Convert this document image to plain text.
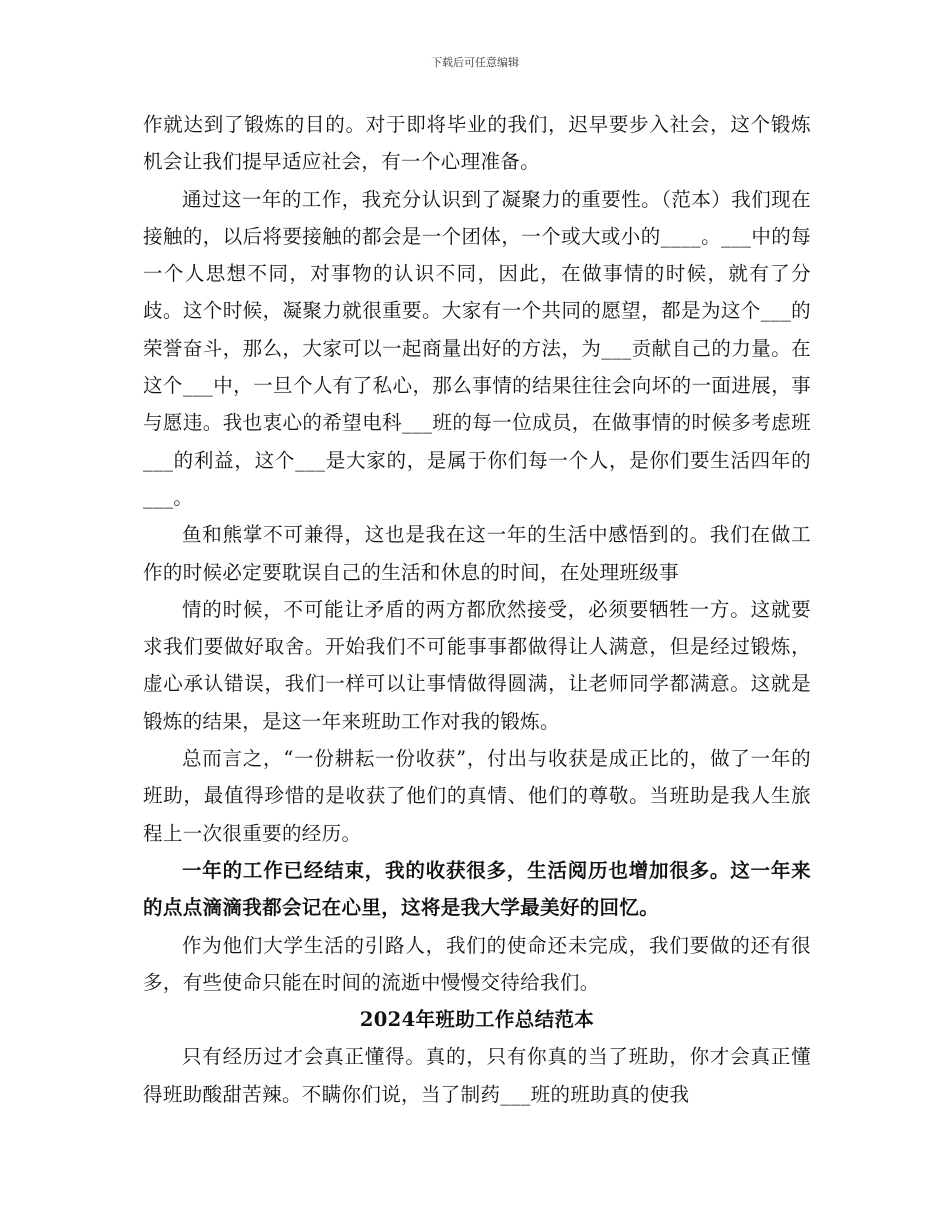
下载后可任意编辑

作就达到了锻炼的目的。对于即将毕业的我们，迟早要步入社会，这个锻炼机会让我们提早适应社会，有一个心理准备。

通过这一年的工作，我充分认识到了凝聚力的重要性。（范本）我们现在接触的，以后将要接触的都会是一个团体，一个或大或小的____。___中的每一个人思想不同，对事物的认识不同，因此，在做事情的时候，就有了分歧。这个时候，凝聚力就很重要。大家有一个共同的愿望，都是为这个___的荣誉奋斗，那么，大家可以一起商量出好的方法，为___贡献自己的力量。在这个___中，一旦个人有了私心，那么事情的结果往往会向坏的一面进展，事与愿违。我也衷心的希望电科___班的每一位成员，在做事情的时候多考虑班___的利益，这个___是大家的，是属于你们每一个人，是你们要生活四年的___。

鱼和熊掌不可兼得，这也是我在这一年的生活中感悟到的。我们在做工作的时候必定要耽误自己的生活和休息的时间，在处理班级事

情的时候，不可能让矛盾的两方都欣然接受，必须要牺牲一方。这就要求我们要做好取舍。开始我们不可能事事都做得让人满意，但是经过锻炼，虚心承认错误，我们一样可以让事情做得圆满，让老师同学都满意。这就是锻炼的结果，是这一年来班助工作对我的锻炼。

总而言之，“一份耕耘一份收获”，付出与收获是成正比的，做了一年的班助，最值得珍惜的是收获了他们的真情、他们的尊敬。当班助是我人生旅程上一次很重要的经历。

一年的工作已经结束，我的收获很多，生活阅历也增加很多。这一年来的点点滴滴我都会记在心里，这将是我大学最美好的回忆。

作为他们大学生活的引路人，我们的使命还未完成，我们要做的还有很多，有些使命只能在时间的流逝中慢慢交待给我们。

2024年班助工作总结范本

只有经历过才会真正懂得。真的，只有你真的当了班助，你才会真正懂得班助酸甜苦辣。不瞒你们说，当了制药___班的班助真的使我
